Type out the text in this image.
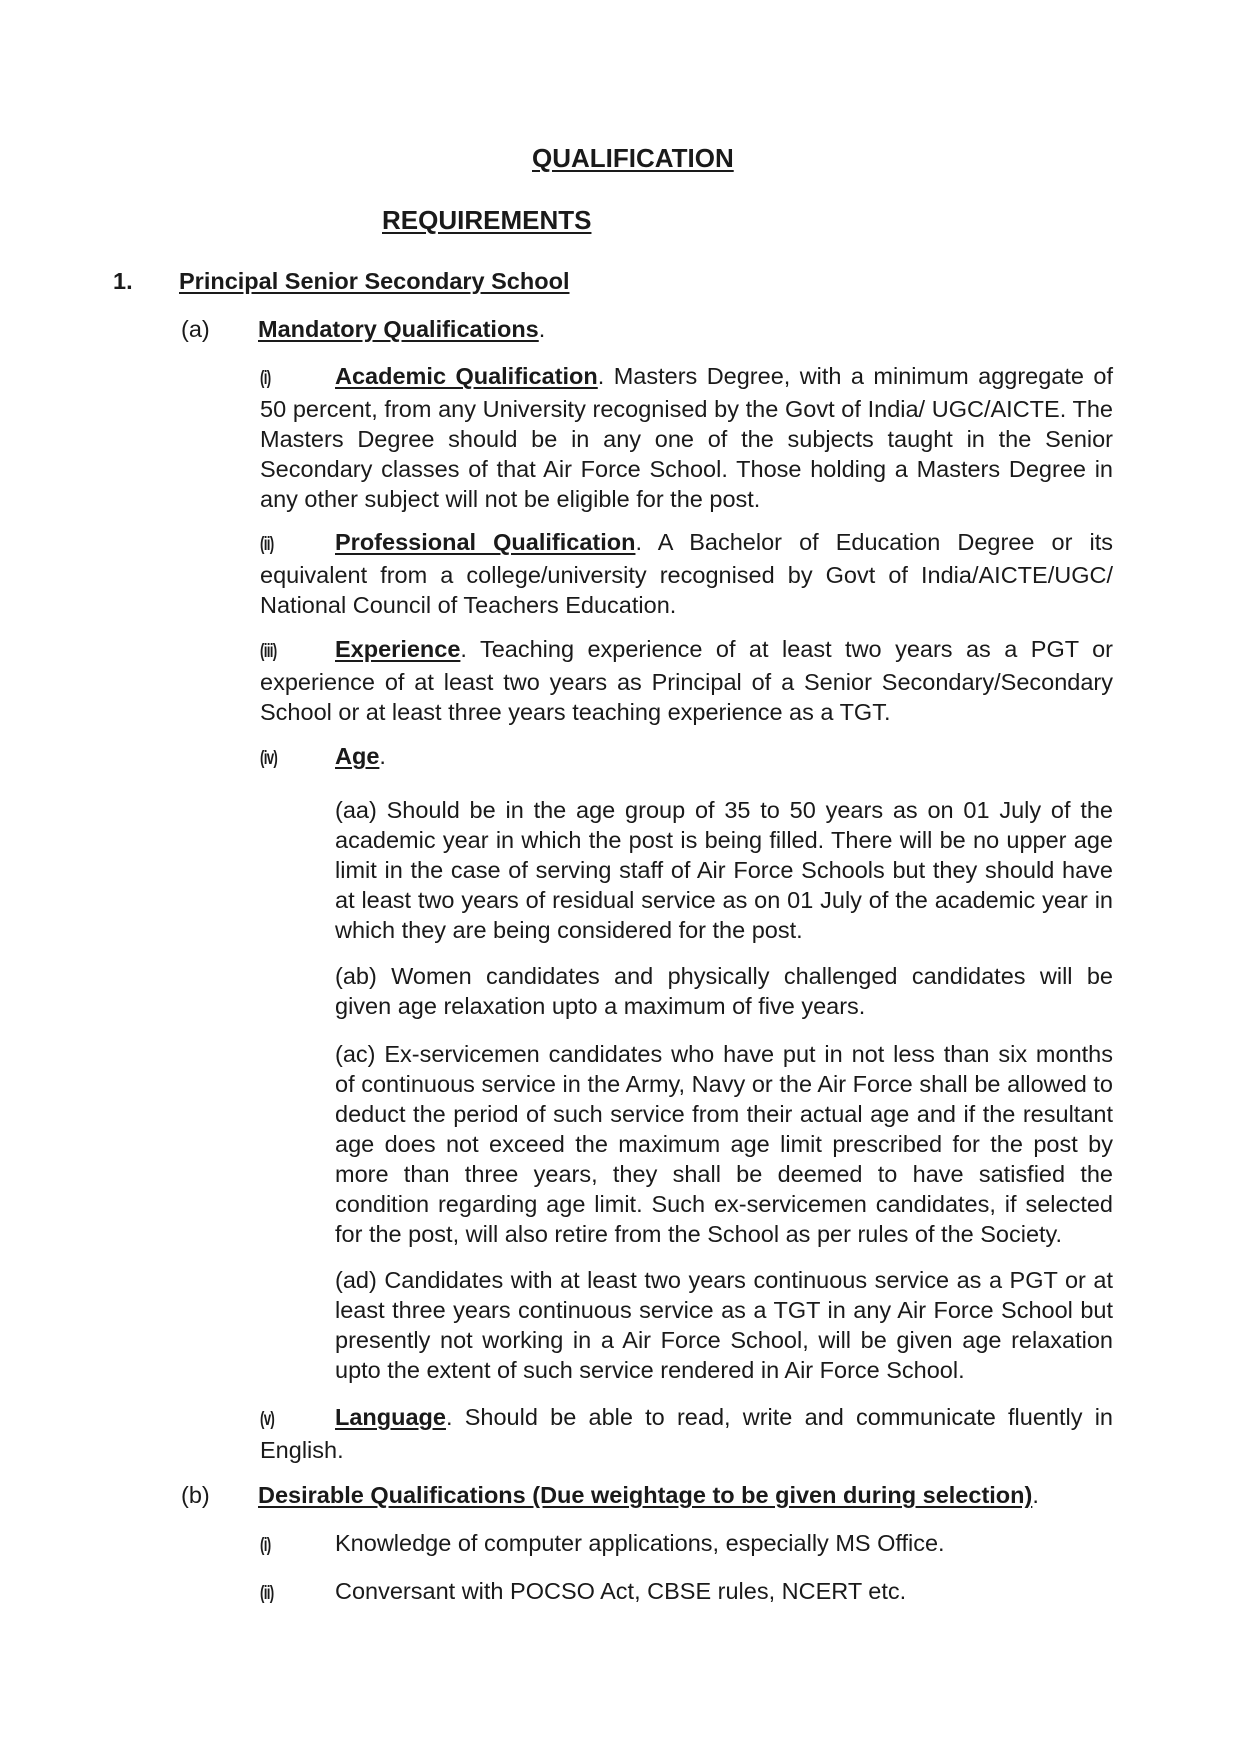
QUALIFICATION
REQUIREMENTS
1. Principal Senior Secondary School
(a) Mandatory Qualifications.
(i)	Academic Qualification. Masters Degree, with a minimum aggregate of 50 percent, from any University recognised by the Govt of India/ UGC/AICTE. The Masters Degree should be in any one of the subjects taught in the Senior Secondary classes of that Air Force School. Those holding a Masters Degree in any other subject will not be eligible for the post.
(ii)	Professional Qualification. A Bachelor of Education Degree or its equivalent from a college/university recognised by Govt of India/AICTE/UGC/ National Council of Teachers Education.
(iii) Experience. Teaching experience of at least two years as a PGT or experience of at least two years as Principal of a Senior Secondary/Secondary School or at least three years teaching experience as a TGT.
(iv) Age.
(aa) Should be in the age group of 35 to 50 years as on 01 July of the academic year in which the post is being filled. There will be no upper age limit in the case of serving staff of Air Force Schools but they should have at least two years of residual service as on 01 July of the academic year in which they are being considered for the post.
(ab) Women candidates and physically challenged candidates will be given age relaxation upto a maximum of five years.
(ac) Ex-servicemen candidates who have put in not less than six months of continuous service in the Army, Navy or the Air Force shall be allowed to deduct the period of such service from their actual age and if the resultant age does not exceed the maximum age limit prescribed for the post by more than three years, they shall be deemed to have satisfied the condition regarding age limit. Such ex-servicemen candidates, if selected for the post, will also retire from the School as per rules of the Society.
(ad) Candidates with at least two years continuous service as a PGT or at least three years continuous service as a TGT in any Air Force School but presently not working in a Air Force School, will be given age relaxation upto the extent of such service rendered in Air Force School.
(v)	Language. Should be able to read, write and communicate fluently in English.
(b) Desirable Qualifications (Due weightage to be given during selection).
(i)	Knowledge of computer applications, especially MS Office.
(ii)	Conversant with POCSO Act, CBSE rules, NCERT etc.
